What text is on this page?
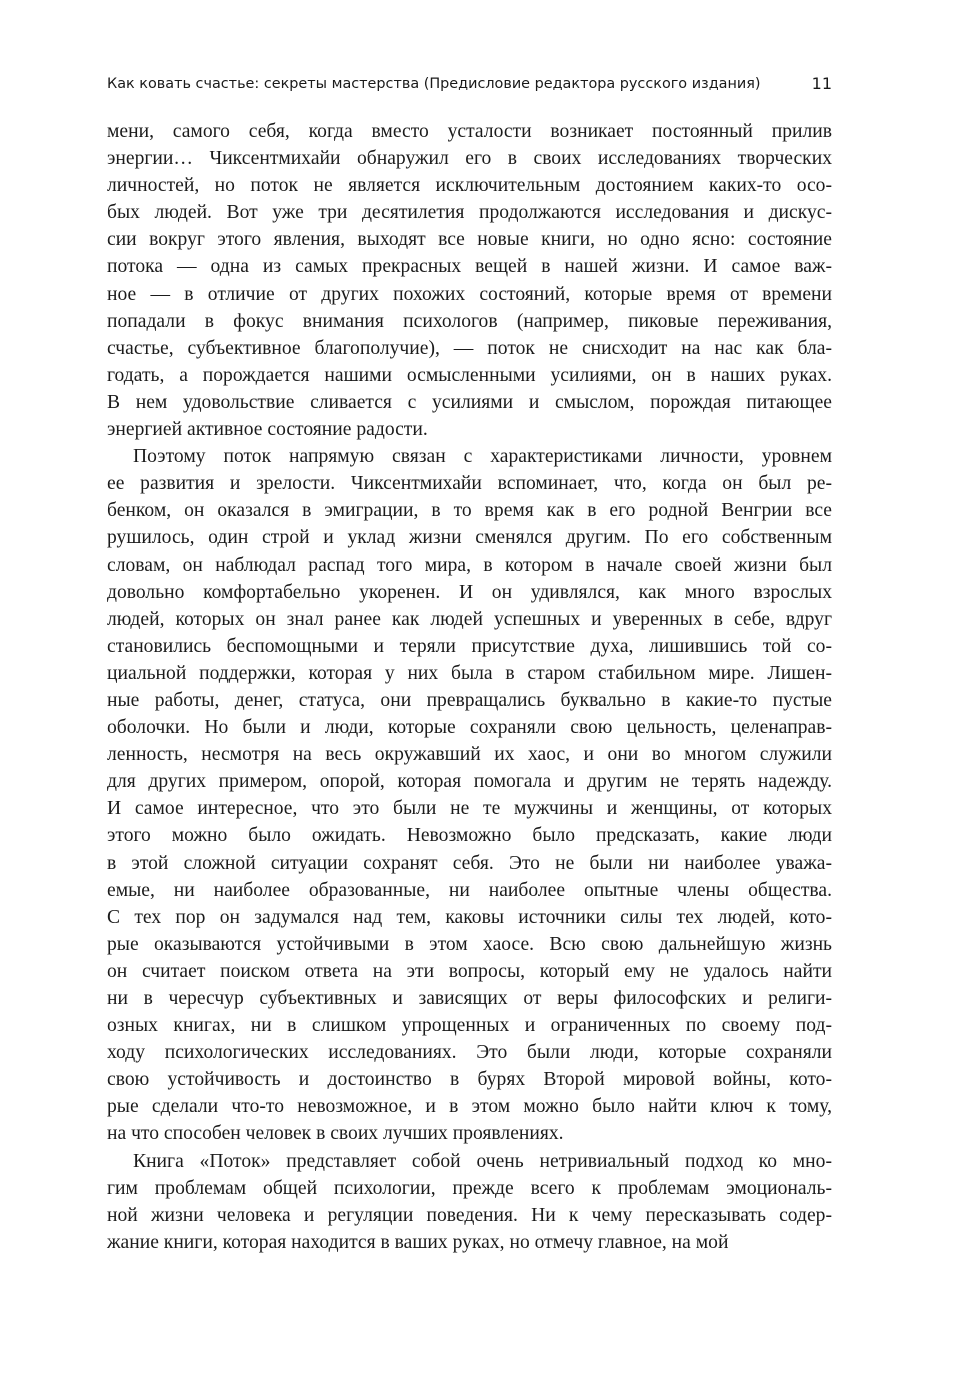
Как ковать счастье: секреты мастерства (Предисловие редактора русского издания)	11
мени, самого себя, когда вместо усталости возникает постоянный прилив
энергии… Чиксентмихайи обнаружил его в своих исследованиях творческих
личностей, но поток не является исключительным достоянием каких-то осо-
бых людей. Вот уже три десятилетия продолжаются исследования и дискус-
сии вокруг этого явления, выходят все новые книги, но одно ясно: состояние
потока — одна из самых прекрасных вещей в нашей жизни. И самое важ-
ное — в отличие от других похожих состояний, которые время от времени
попадали в фокус внимания психологов (например, пиковые переживания,
счастье, субъективное благополучие), — поток не снисходит на нас как бла-
годать, а порождается нашими осмысленными усилиями, он в наших руках.
В нем удовольствие сливается с усилиями и смыслом, порождая питающее
энергией активное состояние радости.
Поэтому поток напрямую связан с характеристиками личности, уровнем
ее развития и зрелости. Чиксентмихайи вспоминает, что, когда он был ре-
бенком, он оказался в эмиграции, в то время как в его родной Венгрии все
рушилось, один строй и уклад жизни сменялся другим. По его собственным
словам, он наблюдал распад того мира, в котором в начале своей жизни был
довольно комфортабельно укоренен. И он удивлялся, как много взрослых
людей, которых он знал ранее как людей успешных и уверенных в себе, вдруг
становились беспомощными и теряли присутствие духа, лишившись той со-
циальной поддержки, которая у них была в старом стабильном мире. Лишен-
ные работы, денег, статуса, они превращались буквально в какие-то пустые
оболочки. Но были и люди, которые сохраняли свою цельность, целенаправ-
ленность, несмотря на весь окружавший их хаос, и они во многом служили
для других примером, опорой, которая помогала и другим не терять надежду.
И самое интересное, что это были не те мужчины и женщины, от которых
этого можно было ожидать. Невозможно было предсказать, какие люди
в этой сложной ситуации сохранят себя. Это не были ни наиболее уважа-
емые, ни наиболее образованные, ни наиболее опытные члены общества.
С тех пор он задумался над тем, каковы источники силы тех людей, кото-
рые оказываются устойчивыми в этом хаосе. Всю свою дальнейшую жизнь
он считает поиском ответа на эти вопросы, который ему не удалось найти
ни в чересчур субъективных и зависящих от веры философских и религи-
озных книгах, ни в слишком упрощенных и ограниченных по своему под-
ходу психологических исследованиях. Это были люди, которые сохраняли
свою устойчивость и достоинство в бурях Второй мировой войны, кото-
рые сделали что-то невозможное, и в этом можно было найти ключ к тому,
на что способен человек в своих лучших проявлениях.
Книга «Поток» представляет собой очень нетривиальный подход ко мно-
гим проблемам общей психологии, прежде всего к проблемам эмоциональ-
ной жизни человека и регуляции поведения. Ни к чему пересказывать содер-
жание книги, которая находится в ваших руках, но отмечу главное, на мой
